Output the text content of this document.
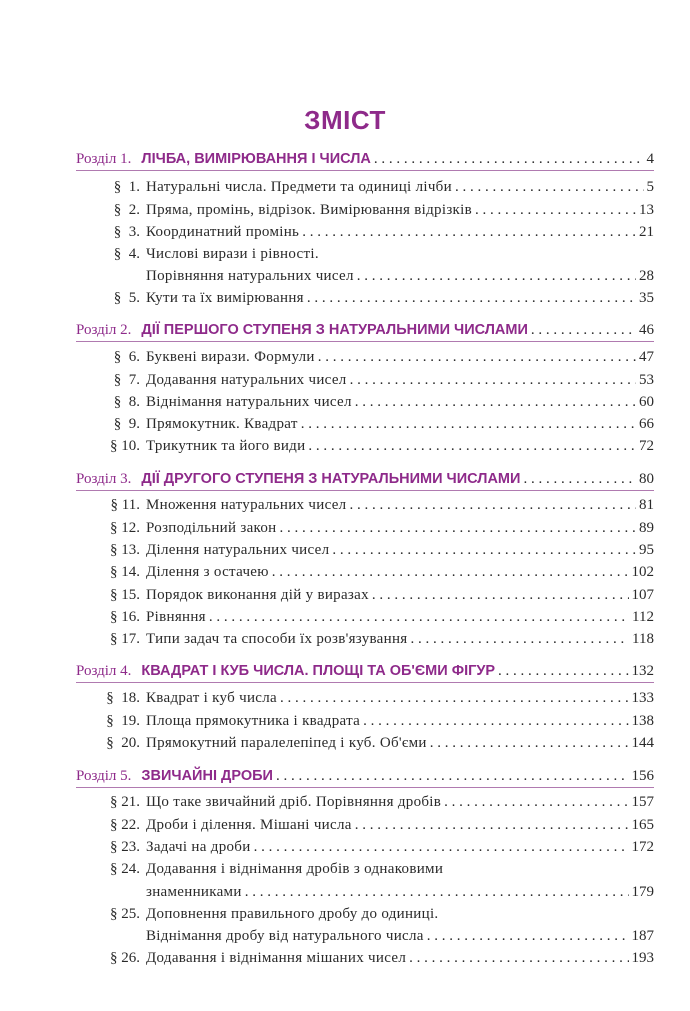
ЗМІСТ
Розділ 1. ЛІЧБА, ВИМІРЮВАННЯ І ЧИСЛА . . .	4
§  1. Натуральні числа. Предмети та одиниці лічби . . .	5
§  2. Пряма, промінь, відрізок. Вимірювання відрізків . . .	13
§  3. Координатний промінь . . .	21
§  4. Числові вирази і рівності.
Порівняння натуральних чисел . . .	28
§  5. Кути та їх вимірювання . . .	35
Розділ 2. ДІЇ ПЕРШОГО СТУПЕНЯ З НАТУРАЛЬНИМИ ЧИСЛАМИ . . .	46
§  6. Буквені вирази. Формули . . .	47
§  7. Додавання натуральних чисел . . .	53
§  8. Віднімання натуральних чисел . . .	60
§  9. Прямокутник. Квадрат . . .	66
§ 10. Трикутник та його види . . .	72
Розділ 3. ДІЇ ДРУГОГО СТУПЕНЯ З НАТУРАЛЬНИМИ ЧИСЛАМИ . . .	80
§ 11. Множення натуральних чисел . . .	81
§ 12. Розподільний закон . . .	89
§ 13. Ділення натуральних чисел . . .	95
§ 14. Ділення з остачею . . .	102
§ 15. Порядок виконання дій у виразах . . .	107
§ 16. Рівняння . . .	112
§ 17. Типи задач та способи їх розв'язування . . .	118
Розділ 4. КВАДРАТ І КУБ ЧИСЛА. ПЛОЩІ ТА ОБ'ЄМИ ФІГУР . . .	132
§  18. Квадрат і куб числа . . .	133
§  19. Площа прямокутника і квадрата . . .	138
§  20. Прямокутний паралелепіпед і куб. Об'єми . . .	144
Розділ 5. ЗВИЧАЙНІ ДРОБИ . . .	156
§ 21. Що таке звичайний дріб. Порівняння дробів . . .	157
§ 22. Дроби і ділення. Мішані числа . . .	165
§ 23. Задачі на дроби . . .	172
§ 24. Додавання і віднімання дробів з однаковими
знаменниками . . .	179
§ 25. Доповнення правильного дробу до одиниці.
Віднімання дробу від натурального числа . . .	187
§ 26. Додавання і віднімання мішаних чисел . . .	193
